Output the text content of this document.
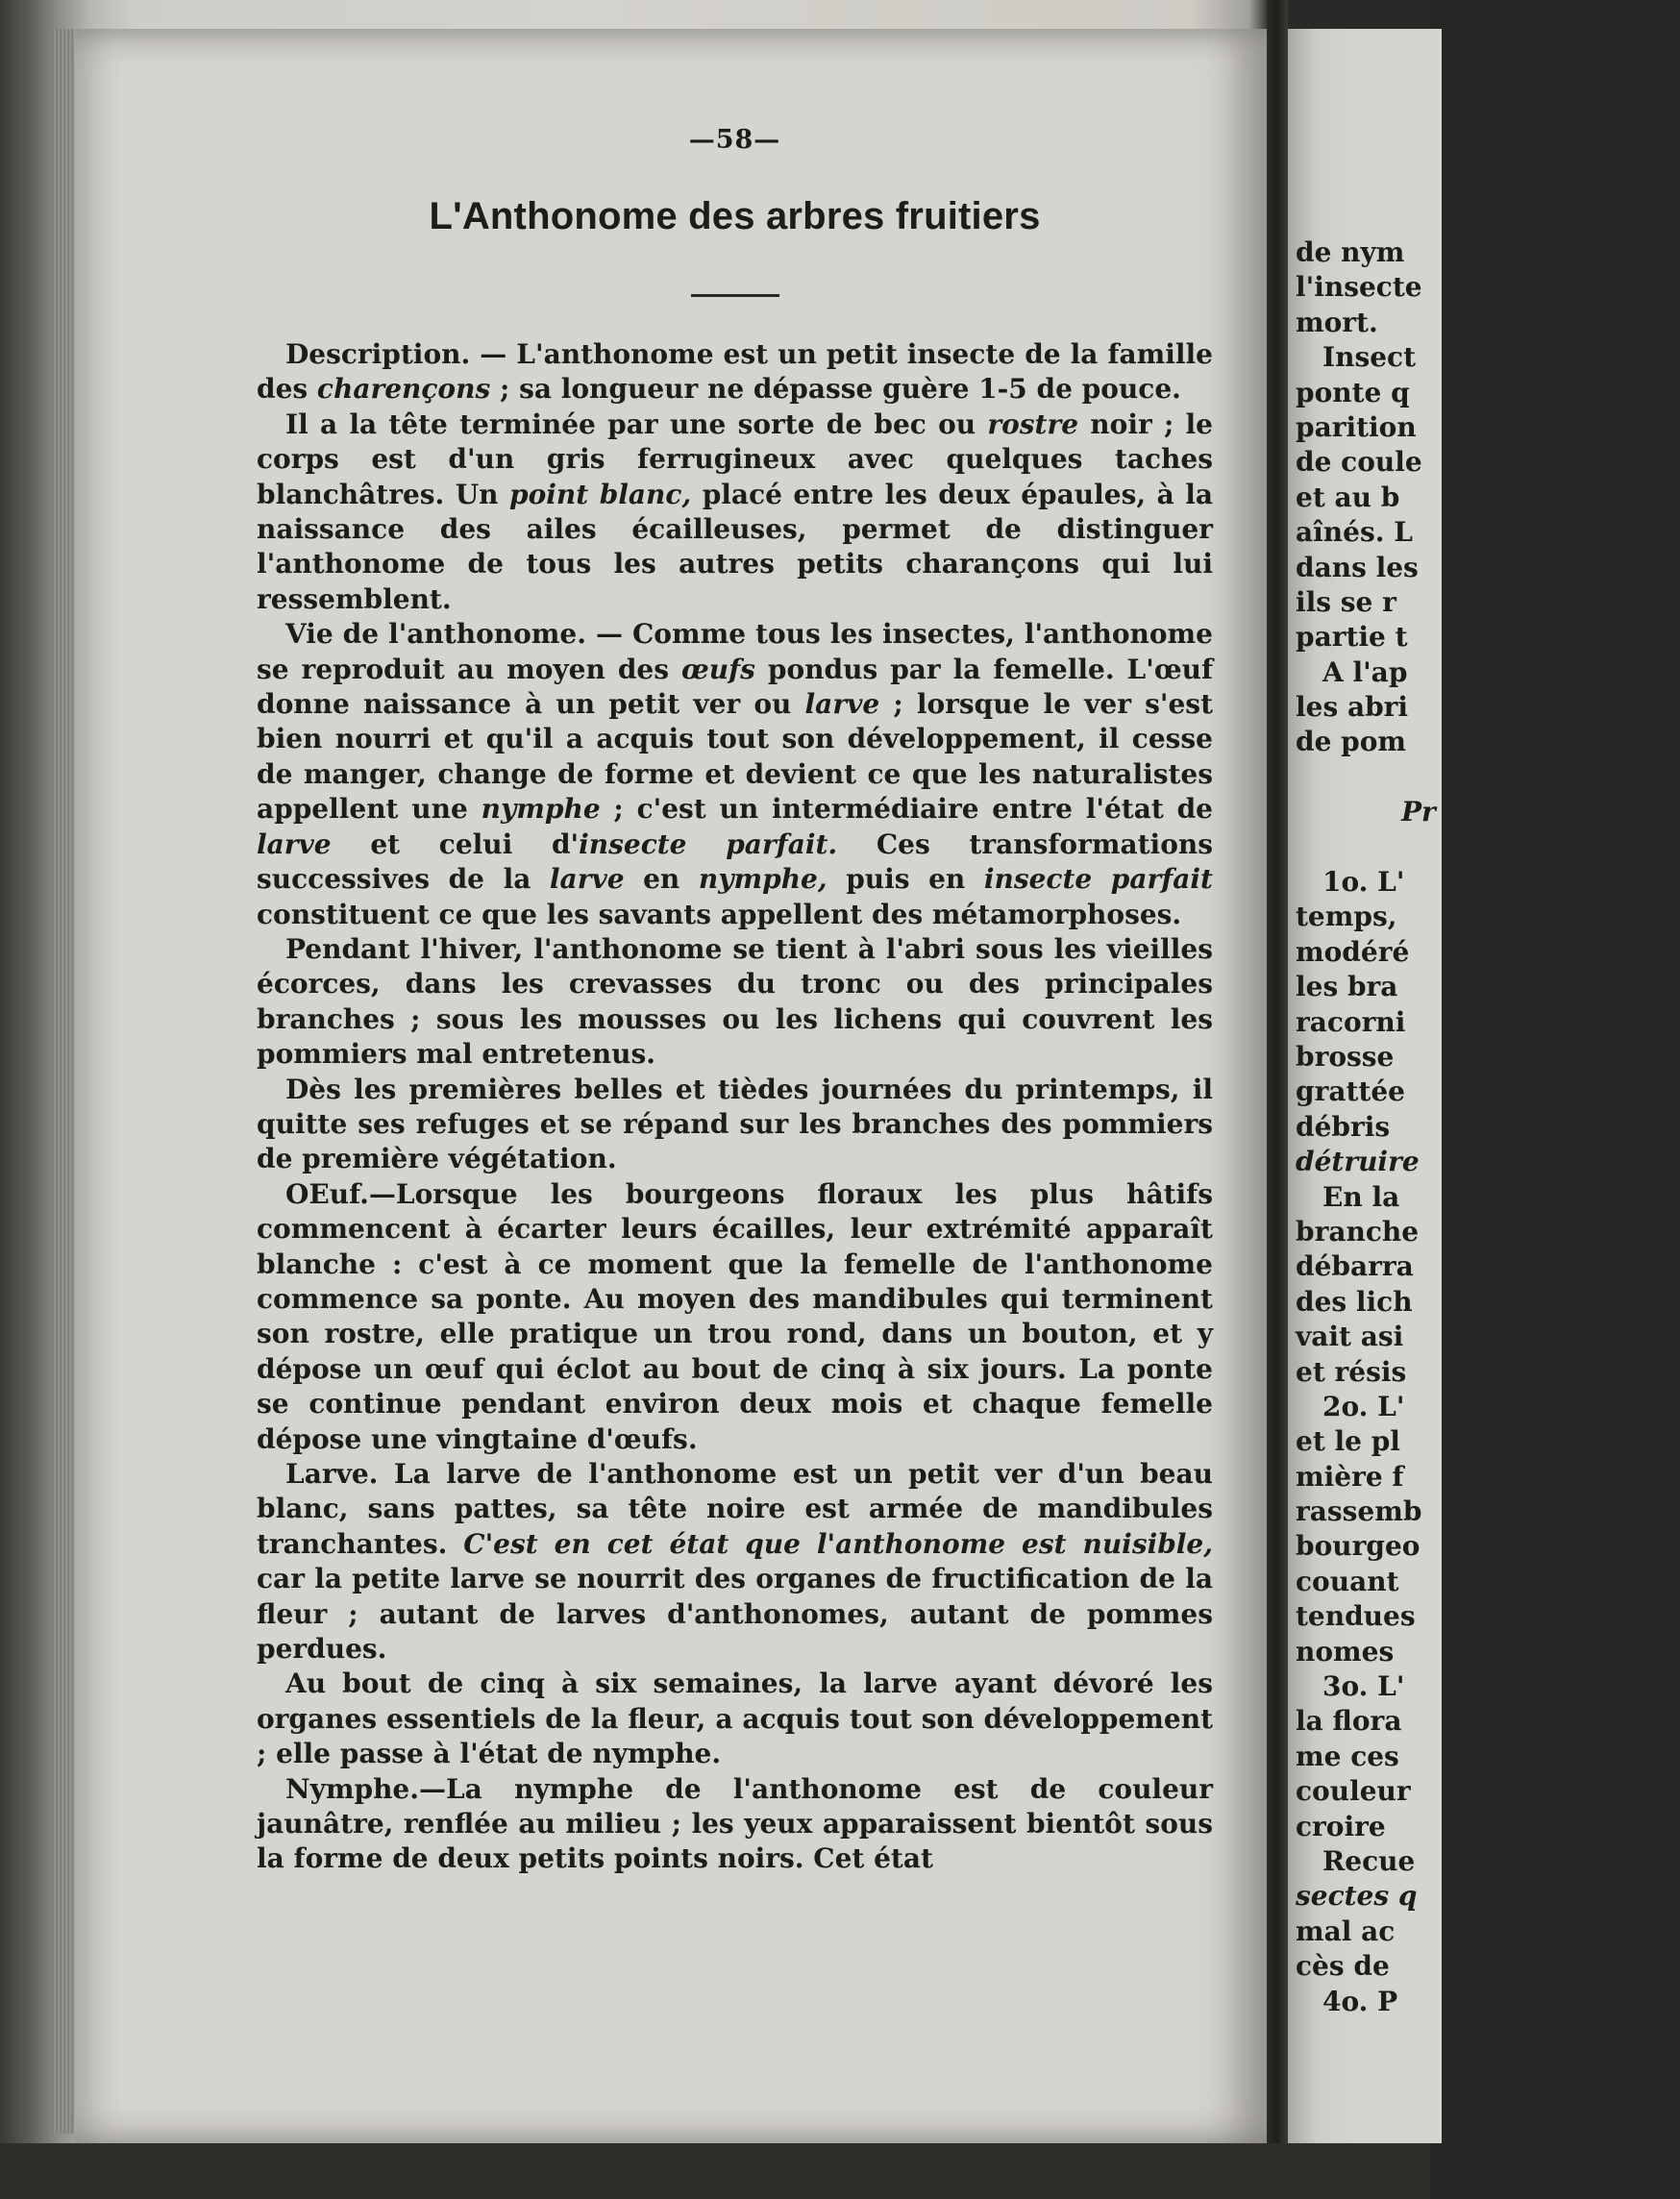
de nym
l'insecte
mort.
Insect
ponte q
parition
de coule
et au b
aînés. L
dans les
ils se r
partie t
A l'ap
les abri
de pom
Pr
1o. L'
temps,
modéré
les bra
racorni
brosse
grattée
débris
détruire
En la
branche
débarra
des lich
vait asi
et résis
2o. L'
et le pl
mière f
rassemb
bourgeo
couant
tendues
nomes
3o. L'
la flora
me ces
couleur
croire
Recue
sectes q
mal ac
cès de
4o. P
—58—
L'Anthonome des arbres fruitiers

Description. — L'anthonome est un petit insecte de la famille des charençons ; sa longueur ne dépasse guère 1-5 de pouce.

Il a la tête terminée par une sorte de bec ou rostre noir ; le corps est d'un gris ferrugineux avec quelques taches blanchâtres. Un point blanc, placé entre les deux épaules, à la naissance des ailes écailleuses, permet de distinguer l'anthonome de tous les autres petits charançons qui lui ressemblent.

Vie de l'anthonome. — Comme tous les insectes, l'anthonome se reproduit au moyen des œufs pondus par la femelle. L'œuf donne naissance à un petit ver ou larve ; lorsque le ver s'est bien nourri et qu'il a acquis tout son développement, il cesse de manger, change de forme et devient ce que les naturalistes appellent une nymphe ; c'est un intermédiaire entre l'état de larve et celui d'insecte parfait. Ces transformations successives de la larve en nymphe, puis en insecte parfait constituent ce que les savants appellent des métamorphoses.

Pendant l'hiver, l'anthonome se tient à l'abri sous les vieilles écorces, dans les crevasses du tronc ou des principales branches ; sous les mousses ou les lichens qui couvrent les pommiers mal entretenus.

Dès les premières belles et tièdes journées du printemps, il quitte ses refuges et se répand sur les branches des pommiers de première végétation.

OEuf.—Lorsque les bourgeons floraux les plus hâtifs commencent à écarter leurs écailles, leur extrémité apparaît blanche : c'est à ce moment que la femelle de l'anthonome commence sa ponte. Au moyen des mandibules qui terminent son rostre, elle pratique un trou rond, dans un bouton, et y dépose un œuf qui éclot au bout de cinq à six jours. La ponte se continue pendant environ deux mois et chaque femelle dépose une vingtaine d'œufs.

Larve. La larve de l'anthonome est un petit ver d'un beau blanc, sans pattes, sa tête noire est armée de mandibules tranchantes. C'est en cet état que l'anthonome est nuisible, car la petite larve se nourrit des organes de fructification de la fleur ; autant de larves d'anthonomes, autant de pommes perdues.

Au bout de cinq à six semaines, la larve ayant dévoré les organes essentiels de la fleur, a acquis tout son développement ; elle passe à l'état de nymphe.

Nymphe.—La nymphe de l'anthonome est de couleur jaunâtre, renflée au milieu ; les yeux apparaissent bientôt sous la forme de deux petits points noirs. Cet état
